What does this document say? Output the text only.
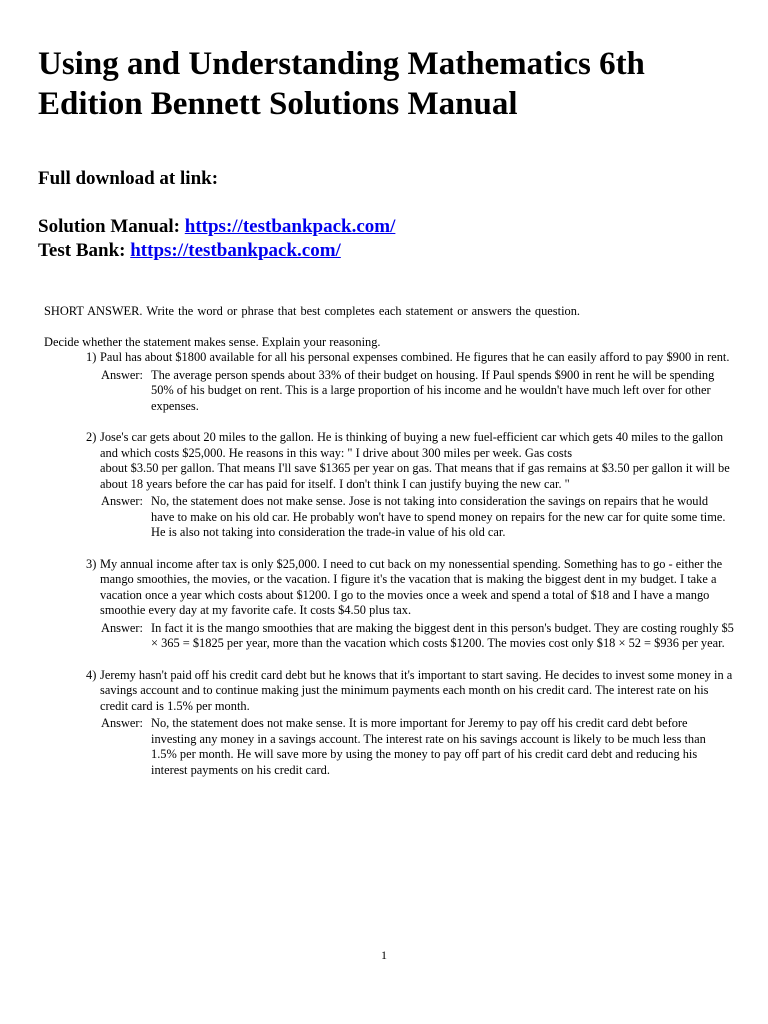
Using and Understanding Mathematics 6th
Edition Bennett Solutions Manual
Full download at link:
Solution Manual: https://testbankpack.com/
Test Bank: https://testbankpack.com/

SHORT ANSWER. Write the word or phrase that best completes each statement or answers the question.

Decide whether the statement makes sense. Explain your reasoning.

1) Paul has about $1800 available for all his personal expenses combined. He figures that he can easily afford to pay $900 in rent.

Answer: The average person spends about 33% of their budget on housing. If Paul spends $900 in rent he will be spending 50% of his budget on rent. This is a large proportion of his income and he wouldn't have much left over for other expenses.

2) Jose's car gets about 20 miles to the gallon. He is thinking of buying a new fuel-efficient car which gets 40 miles to the gallon and which costs $25,000. He reasons in this way: " I drive about 300 miles per week. Gas costs

about $3.50 per gallon. That means I'll save $1365 per year on gas. That means that if gas remains at $3.50 per gallon it will be about 18 years before the car has paid for itself. I don't think I can justify buying the new car. "

Answer: No, the statement does not make sense. Jose is not taking into consideration the savings on repairs that he would have to make on his old car. He probably won't have to spend money on repairs for the new car for quite some time. He is also not taking into consideration the trade-in value of his old car.

3) My annual income after tax is only $25,000. I need to cut back on my nonessential spending. Something has to go - either the mango smoothies, the movies, or the vacation. I figure it's the vacation that is making the biggest dent in my budget. I take a vacation once a year which costs about $1200. I go to the movies once a week and spend a total of $18 and I have a mango smoothie every day at my favorite cafe. It costs $4.50 plus tax.

Answer: In fact it is the mango smoothies that are making the biggest dent in this person's budget. They are costing roughly $5 × 365 = $1825 per year, more than the vacation which costs $1200. The movies cost only $18 × 52 = $936 per year.

4) Jeremy hasn't paid off his credit card debt but he knows that it's important to start saving. He decides to invest some money in a savings account and to continue making just the minimum payments each month on his credit card. The interest rate on his credit card is 1.5% per month.

Answer: No, the statement does not make sense. It is more important for Jeremy to pay off his credit card debt before investing any money in a savings account. The interest rate on his savings account is likely to be much less than 1.5% per month. He will save more by using the money to pay off part of his credit card debt and reducing his interest payments on his credit card.

1
